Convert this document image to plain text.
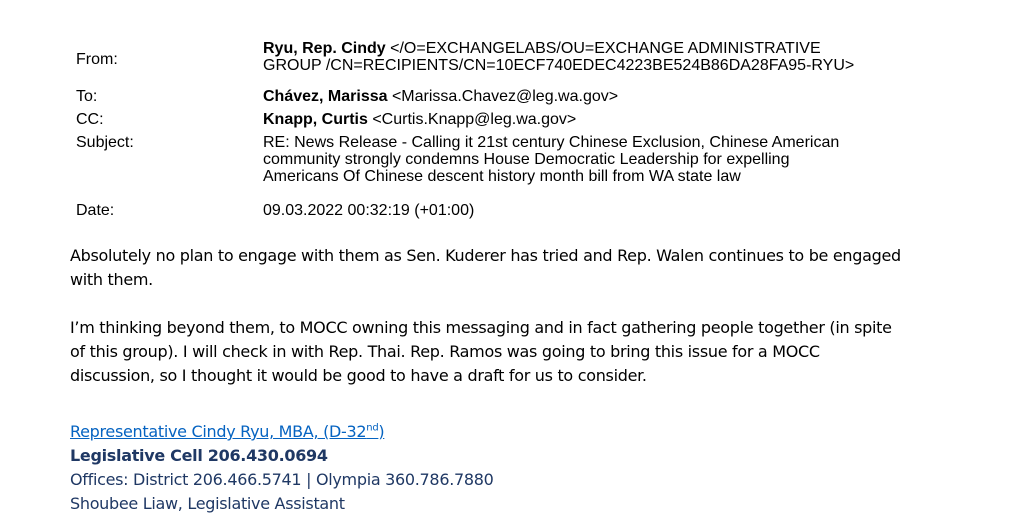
From:
Ryu, Rep. Cindy </O=EXCHANGELABS/OU=EXCHANGE ADMINISTRATIVE
GROUP /CN=RECIPIENTS/CN=10ECF740EDEC4223BE524B86DA28FA95-RYU>
To:	Chávez, Marissa <Marissa.Chavez@leg.wa.gov>
CC:	Knapp, Curtis <Curtis.Knapp@leg.wa.gov>
Subject:	RE: News Release - Calling it 21st century Chinese Exclusion, Chinese American
community strongly condemns House Democratic Leadership for expelling
Americans Of Chinese descent history month bill from WA state law
Date:	09.03.2022 00:32:19 (+01:00)

Absolutely no plan to engage with them as Sen. Kuderer has tried and Rep. Walen continues to be engaged
with them.

I’m thinking beyond them, to MOCC owning this messaging and in fact gathering people together (in spite
of this group). I will check in with Rep. Thai. Rep. Ramos was going to bring this issue for a MOCC
discussion, so I thought it would be good to have a draft for us to consider.

Representative Cindy Ryu, MBA, (D-32nd)
Legislative Cell 206.430.0694
Offices: District 206.466.5741 | Olympia 360.786.7880
Shoubee Liaw, Legislative Assistant
